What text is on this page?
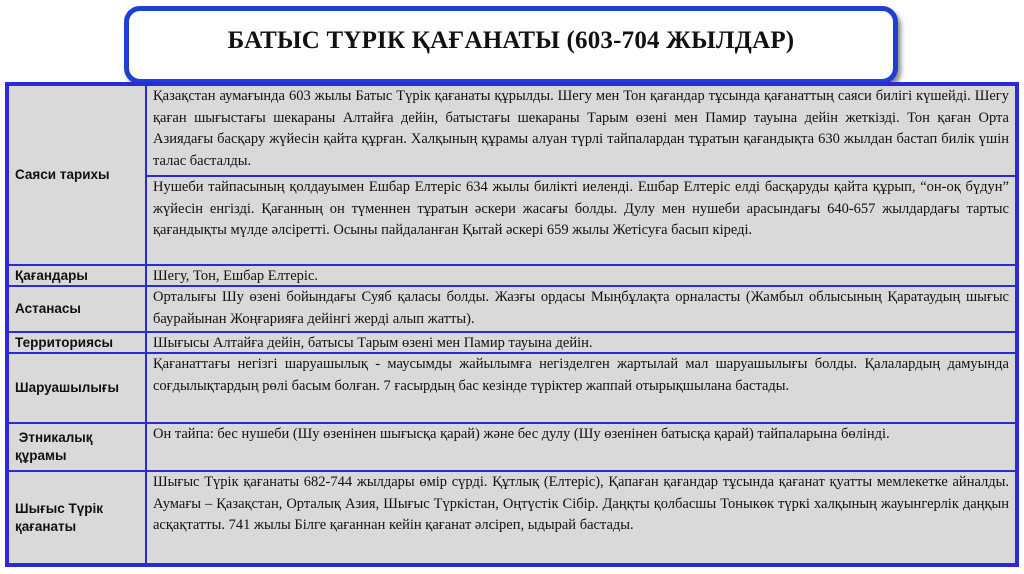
БАТЫС ТҮРІК ҚАҒАНАТЫ (603-704 ЖЫЛДАР)
Саяси тарихы
Қазақстан аумағында 603 жылы Батыс Түрік қағанаты құрылды. Шегу мен Тон қағандар тұсында қағанаттың саяси билігі күшейді. Шегу қаған шығыстағы шекараны Алтайға дейін, батыстағы шекараны Тарым өзені мен Памир тауына дейін жеткізді. Тон қаған Орта Азиядағы басқару жүйесін қайта құрған. Халқының құрамы алуан түрлі тайпалардан тұратын қағандықта 630 жылдан бастап билік үшін талас басталды.
Нушеби тайпасының қолдауымен Ешбар Елтеріс 634 жылы билікті иеленді. Ешбар Елтеріс елді басқаруды қайта құрып, “он-оқ бүдун” жүйесін енгізді. Қағанның он түменнен тұратын әскери жасағы болды. Дулу мен нушеби арасындағы 640-657 жылдардағы тартыс қағандықты мүлде әлсіретті. Осыны пайдаланған Қытай әскері 659 жылы Жетісуға басып кіреді.
Қағандары	Шегу, Тон, Ешбар Елтеріс.
Астанасы
Орталығы Шу өзені бойындағы Суяб қаласы болды. Жазғы ордасы Мыңбұлақта орналасты (Жамбыл облысының Қаратаудың шығыс баурайынан Жоңғарияға дейінгі жерді алып жатты).
Территориясы	Шығысы Алтайға дейін, батысы Тарым өзені мен Памир тауына дейін.
Шаруашылығы
Қағанаттағы негізгі шаруашылық - маусымды жайылымға негізделген жартылай мал шаруашылығы болды. Қалалардың дамуында соғдылықтардың рөлі басым болған. 7 ғасырдың бас кезінде түріктер жаппай отырықшылана бастады.
Этникалық құрамы
Он тайпа: бес нушеби (Шу өзенінен шығысқа қарай) және бес дулу (Шу өзенінен батысқа қарай) тайпаларына бөлінді.
Шығыс Түрік қағанаты
Шығыс Түрік қағанаты 682-744 жылдары өмір сүрді. Құтлық (Елтеріс), Қапаған қағандар тұсында қағанат қуатты мемлекетке айналды. Аумағы – Қазақстан, Орталық Азия, Шығыс Түркістан, Оңтүстік Сібір. Даңқты қолбасшы Тоныкөк түркі халқының жауынгерлік даңқын асқақтатты. 741 жылы Білге қағаннан кейін қағанат әлсіреп, ыдырай бастады.
